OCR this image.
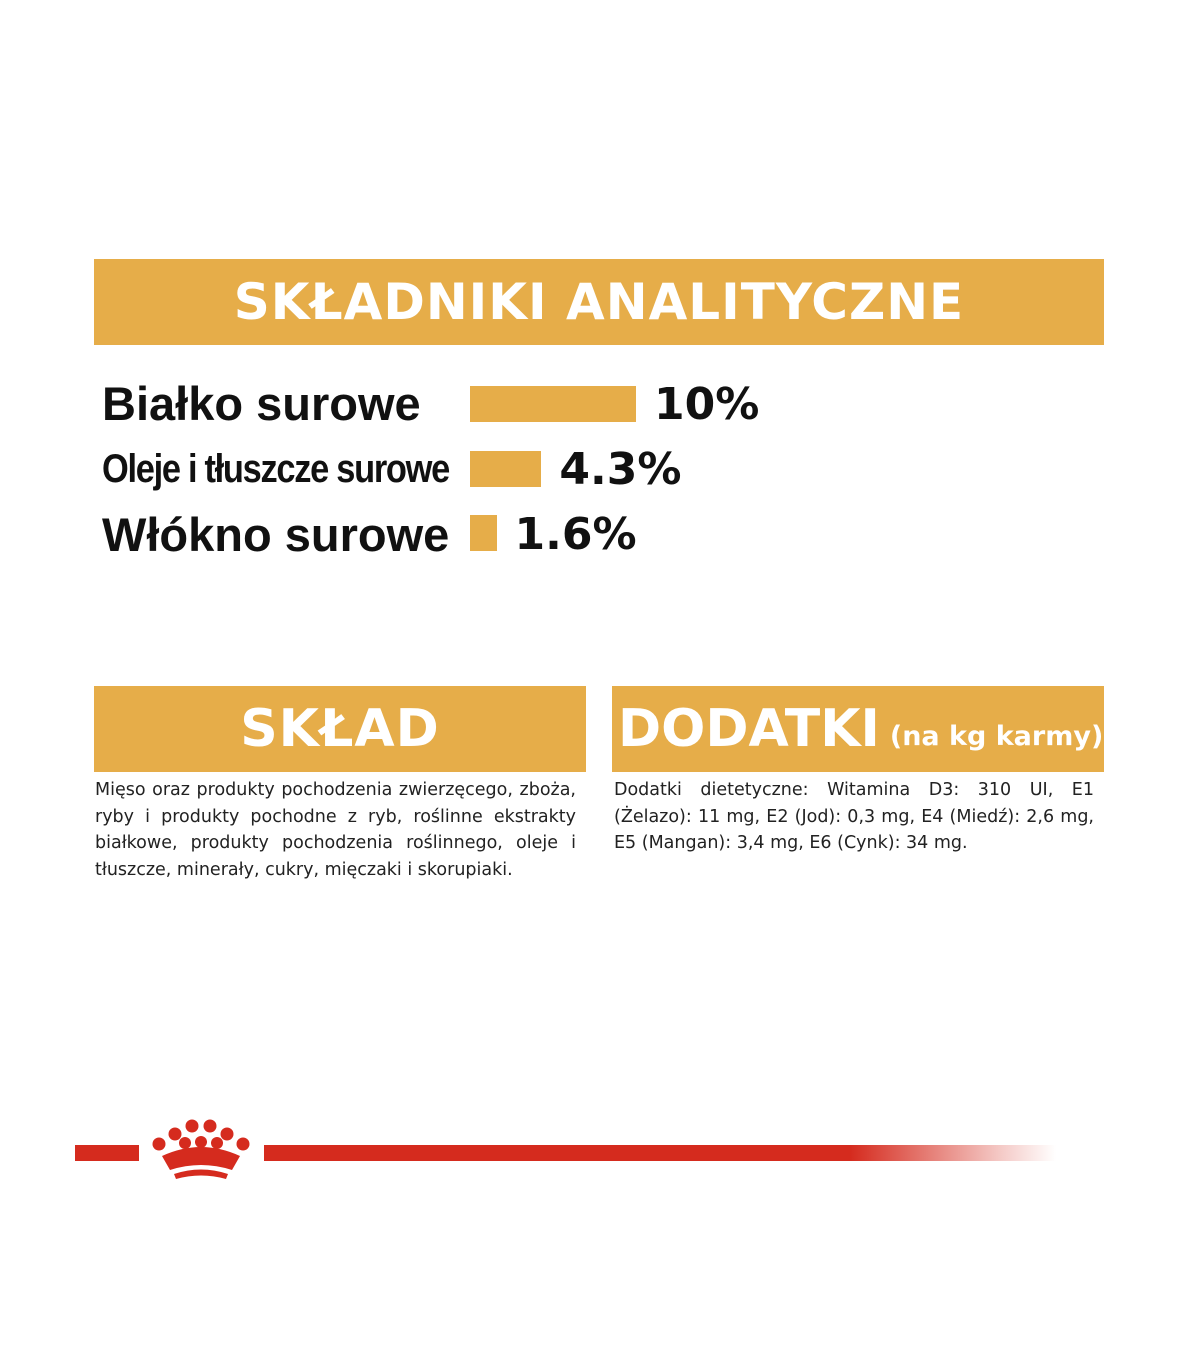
SKŁADNIKI ANALITYCZNE
Białko surowe	10%
Oleje i tłuszcze surowe	4.3%
Włókno surowe 1.6%
SKŁAD
Mięso oraz produkty pochodzenia zwierzęcego, zboża, ryby i produkty pochodne z ryb, roślinne ekstrakty białkowe, produkty pochodzenia roślinnego, oleje i tłuszcze, minerały, cukry, mięczaki i skorupiaki.
DODATKI (na kg karmy)
Dodatki dietetyczne: Witamina D3: 310 UI, E1 (Żelazo): 11 mg, E2 (Jod): 0,3 mg, E4 (Miedź): 2,6 mg, E5 (Mangan): 3,4 mg, E6 (Cynk): 34 mg.
